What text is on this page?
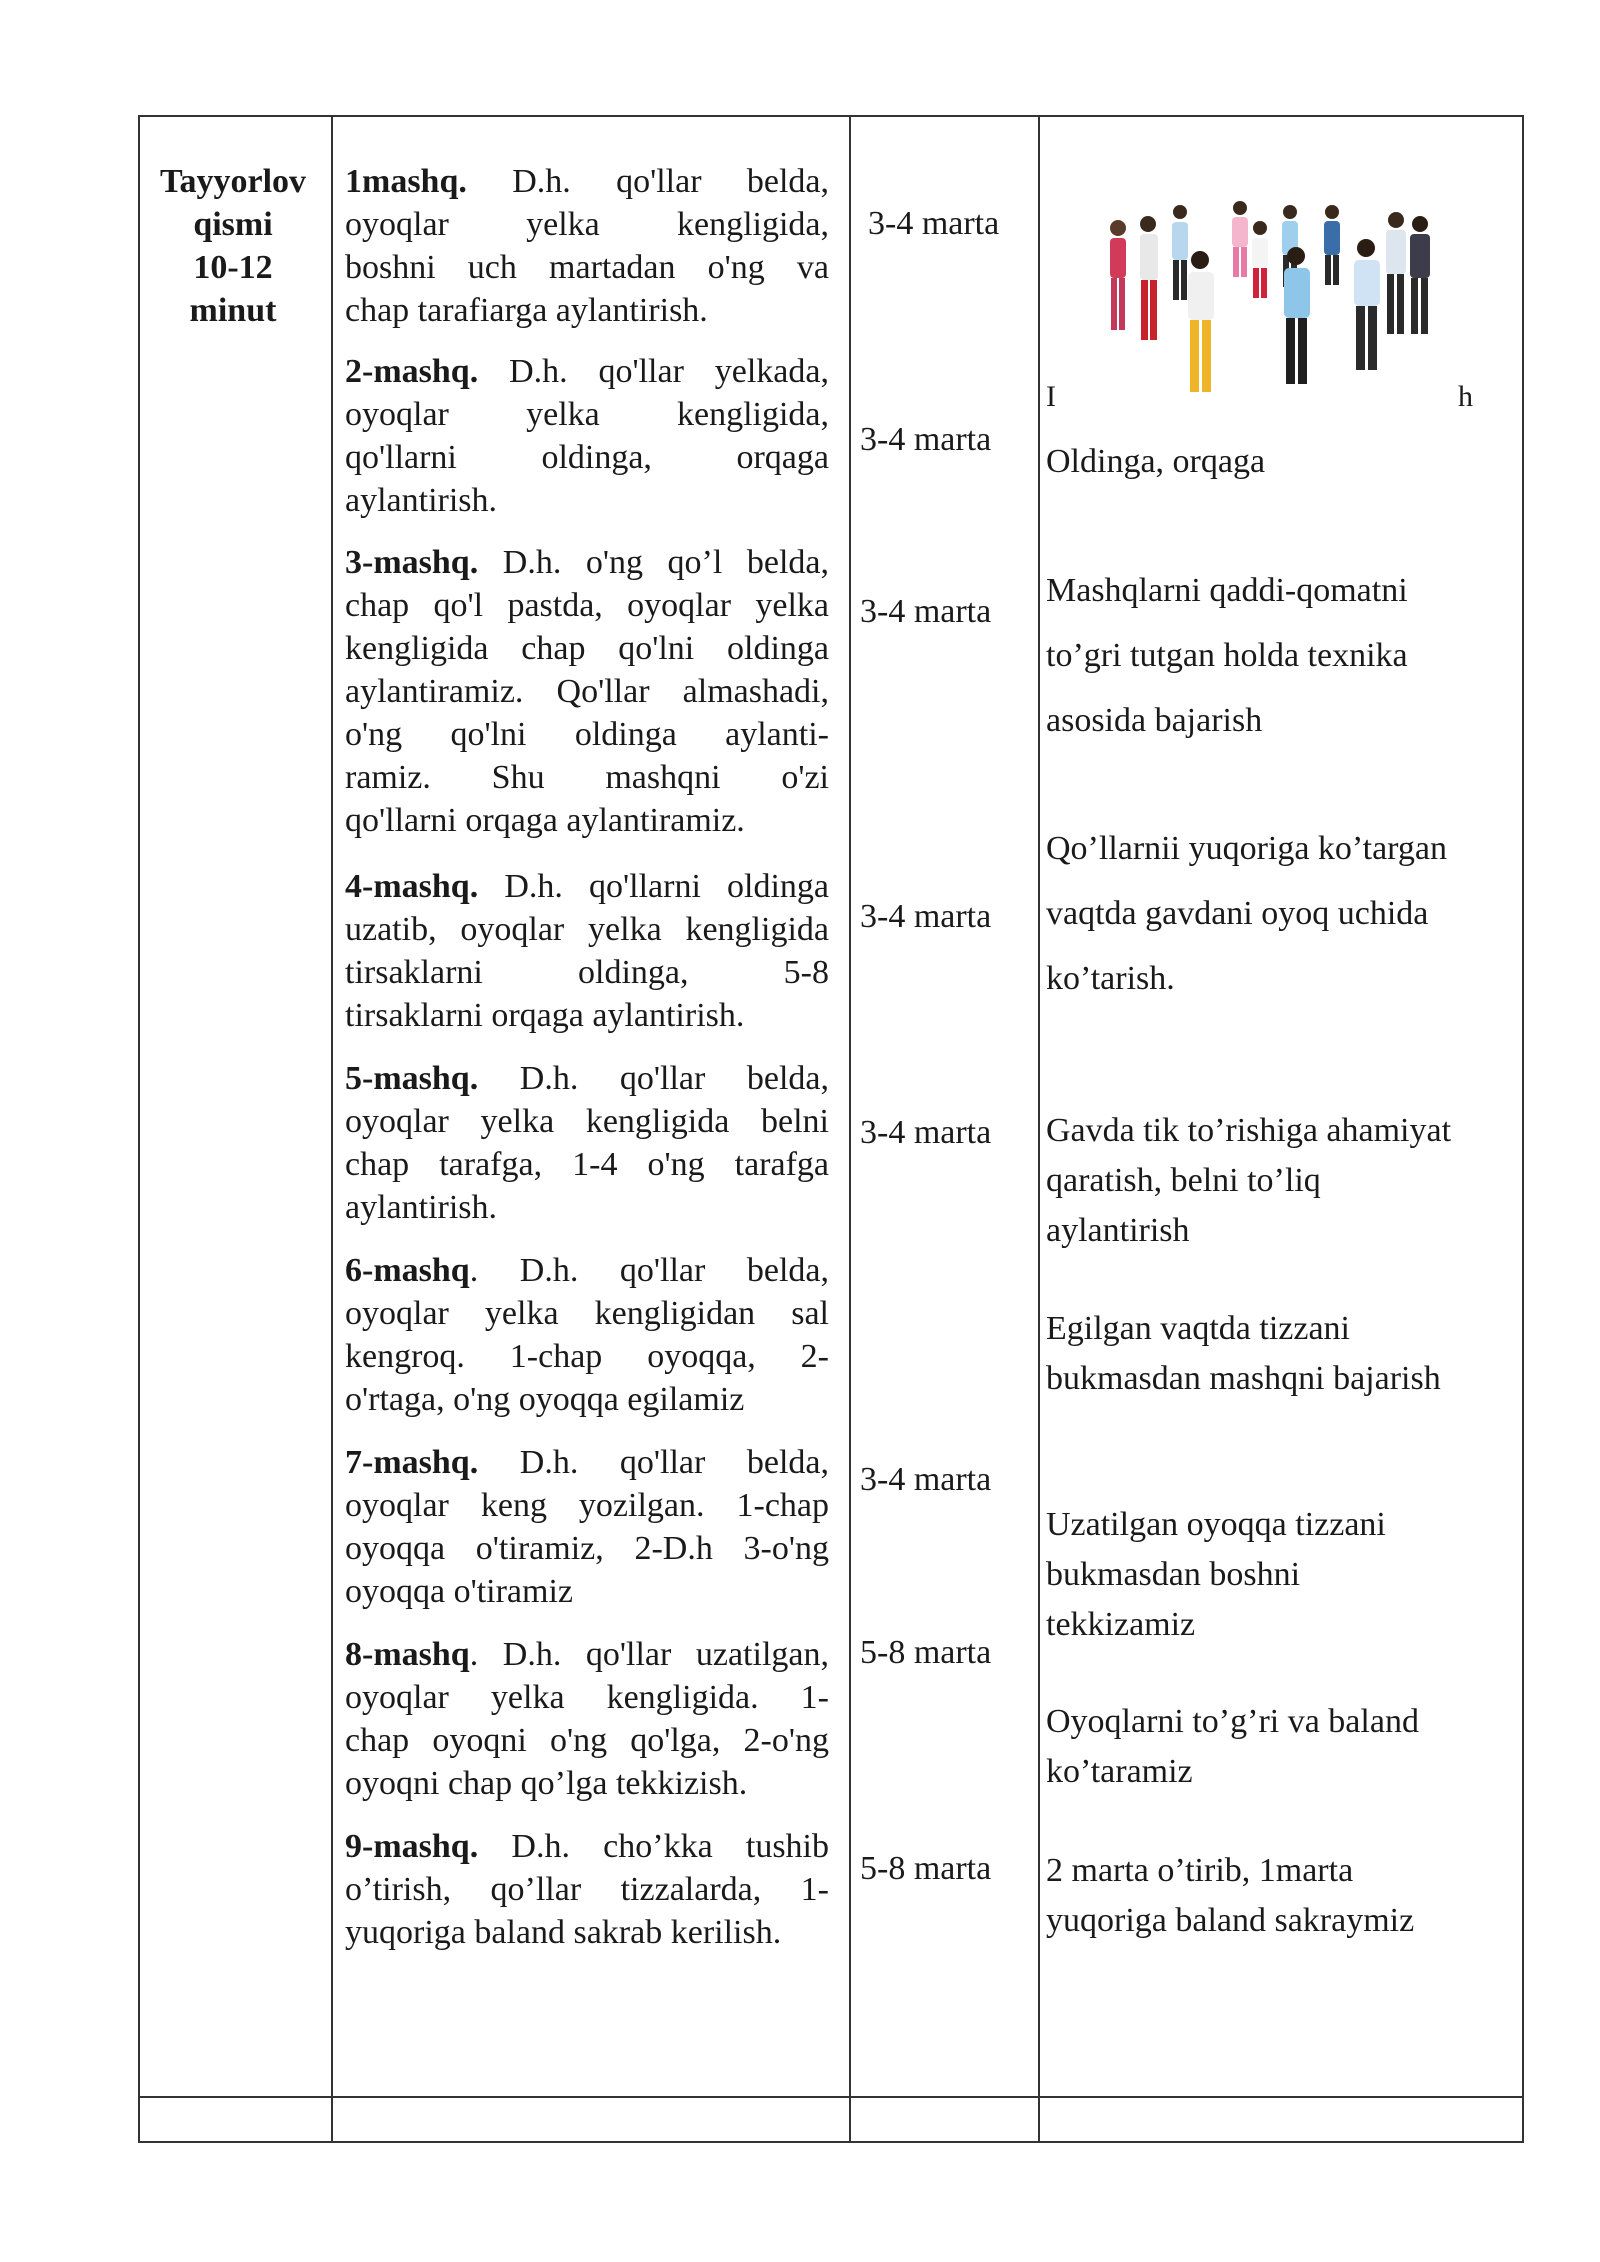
Tayyorlov
qismi
10-12
minut
1mashq. D.h. qo'llar belda,
oyoqlar yelka kengligida,
boshni uch martadan o'ng va
chap tarafiarga aylantirish.
3-4 marta
2-mashq. D.h. qo'llar yelkada,
oyoqlar yelka kengligida,
qo'llarni oldinga, orqaga
aylantirish.
3-4 marta
3-mashq. D.h. o'ng qo’l belda,
chap qo'l pastda, oyoqlar yelka
kengligida chap qo'lni oldinga
aylantiramiz. Qo'llar almashadi,
o'ng qo'lni oldinga aylanti-
ramiz. Shu mashqni o'zi
qo'llarni orqaga aylantiramiz.
3-4 marta
4-mashq. D.h. qo'llarni oldinga
uzatib, oyoqlar yelka kengligida
tirsaklarni oldinga, 5-8
tirsaklarni orqaga aylantirish.
3-4 marta
5-mashq. D.h. qo'llar belda,
oyoqlar yelka kengligida belni
chap tarafga, 1-4 o'ng tarafga
aylantirish.
3-4 marta
6-mashq. D.h. qo'llar belda,
oyoqlar yelka kengligidan sal
kengroq. 1-chap oyoqqa, 2-
o'rtaga, o'ng oyoqqa egilamiz
7-mashq. D.h. qo'llar belda,
oyoqlar keng yozilgan. 1-chap
oyoqqa o'tiramiz, 2-D.h 3-o'ng
oyoqqa o'tiramiz
3-4 marta
8-mashq. D.h. qo'llar uzatilgan,
oyoqlar yelka kengligida. 1-
chap oyoqni o'ng qo'lga, 2-o'ng
oyoqni chap qo’lga tekkizish.
5-8 marta
9-mashq. D.h. cho’kka tushib
o’tirish, qo’llar tizzalarda, 1-
yuqoriga baland sakrab kerilish.
5-8 marta
I	h
Oldinga, orqaga
Mashqlarni qaddi-qomatni
to’gri tutgan holda texnika
asosida bajarish
Qo’llarnii yuqoriga ko’targan
vaqtda gavdani oyoq uchida
ko’tarish.
Gavda tik to’rishiga ahamiyat
qaratish, belni to’liq
aylantirish
Egilgan vaqtda tizzani
bukmasdan mashqni bajarish
Uzatilgan oyoqqa tizzani
bukmasdan boshni
tekkizamiz
Oyoqlarni to’g’ri va baland
ko’taramiz
2 marta o’tirib, 1marta
yuqoriga baland sakraymiz
